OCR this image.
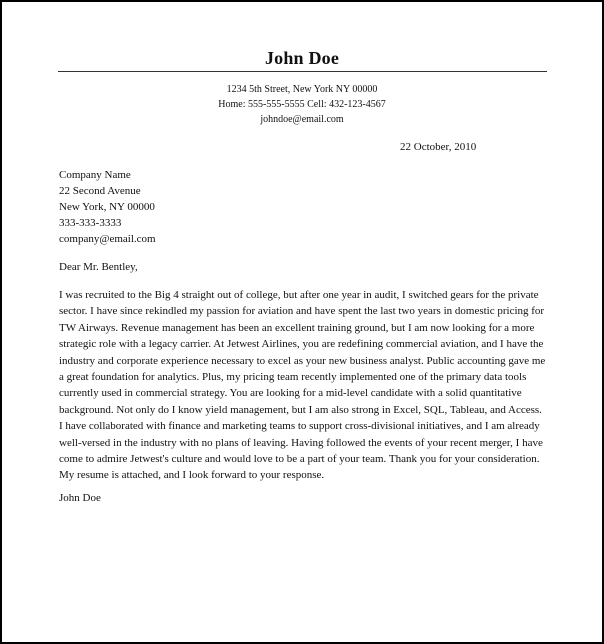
John Doe
1234 5th Street, New York NY 00000
Home: 555-555-5555 Cell: 432-123-4567
johndoe@email.com
22 October, 2010
Company Name
22 Second Avenue
New York, NY 00000
333-333-3333
company@email.com
Dear Mr. Bentley,
I was recruited to the Big 4 straight out of college, but after one year in audit, I switched gears for the private
sector. I have since rekindled my passion for aviation and have spent the last two years in domestic pricing for
TW Airways. Revenue management has been an excellent training ground, but I am now looking for a more
strategic role with a legacy carrier. At Jetwest Airlines, you are redefining commercial aviation, and I have the
industry and corporate experience necessary to excel as your new business analyst. Public accounting gave me
a great foundation for analytics. Plus, my pricing team recently implemented one of the primary data tools
currently used in commercial strategy. You are looking for a mid-level candidate with a solid quantitative
background. Not only do I know yield management, but I am also strong in Excel, SQL, Tableau, and Access.
I have collaborated with finance and marketing teams to support cross-divisional initiatives, and I am already
well-versed in the industry with no plans of leaving. Having followed the events of your recent merger, I have
come to admire Jetwest's culture and would love to be a part of your team. Thank you for your consideration.
My resume is attached, and I look forward to your response.
John Doe
